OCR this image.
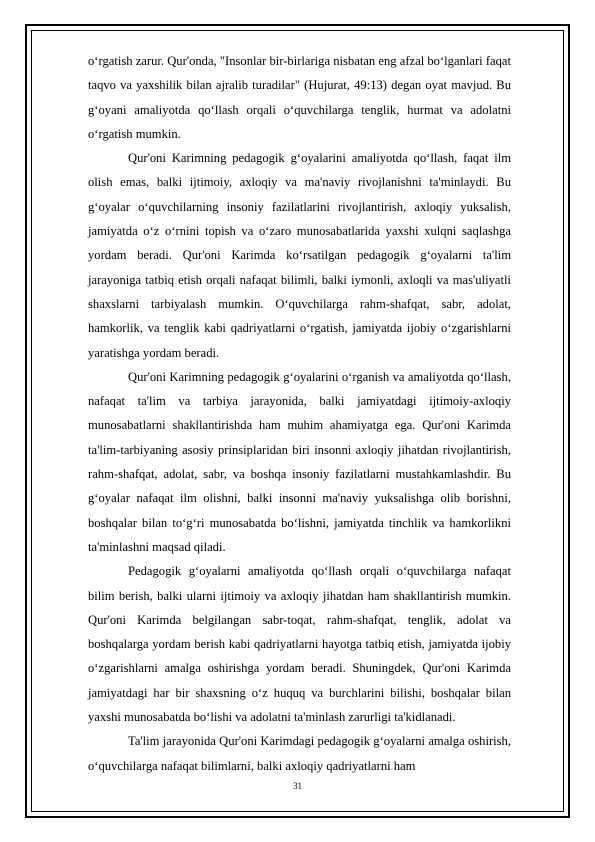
o‘rgatish zarur. Qur'onda, "Insonlar bir-birlariga nisbatan eng afzal bo‘lganlari faqat taqvo va yaxshilik bilan ajralib turadilar" (Hujurat, 49:13) degan oyat mavjud. Bu g‘oyani amaliyotda qo‘llash orqali o‘quvchilarga tenglik, hurmat va adolatni o‘rgatish mumkin.

Qur'oni Karimning pedagogik g‘oyalarini amaliyotda qo‘llash, faqat ilm olish emas, balki ijtimoiy, axloqiy va ma'naviy rivojlanishni ta'minlaydi. Bu g‘oyalar o‘quvchilarning insoniy fazilatlarini rivojlantirish, axloqiy yuksalish, jamiyatda o‘z o‘rnini topish va o‘zaro munosabatlarida yaxshi xulqni saqlashga yordam beradi. Qur'oni Karimda ko‘rsatilgan pedagogik g‘oyalarni ta'lim jarayoniga tatbiq etish orqali nafaqat bilimli, balki iymonli, axloqli va mas'uliyatli shaxslarni tarbiyalash mumkin. O‘quvchilarga rahm-shafqat, sabr, adolat, hamkorlik, va tenglik kabi qadriyatlarni o‘rgatish, jamiyatda ijobiy o‘zgarishlarni yaratishga yordam beradi.

Qur'oni Karimning pedagogik g‘oyalarini o‘rganish va amaliyotda qo‘llash, nafaqat ta'lim va tarbiya jarayonida, balki jamiyatdagi ijtimoiy-axloqiy munosabatlarni shakllantirishda ham muhim ahamiyatga ega. Qur'oni Karimda ta'lim-tarbiyaning asosiy prinsiplaridan biri insonni axloqiy jihatdan rivojlantirish, rahm-shafqat, adolat, sabr, va boshqa insoniy fazilatlarni mustahkamlashdir. Bu g‘oyalar nafaqat ilm olishni, balki insonni ma'naviy yuksalishga olib borishni, boshqalar bilan to‘g‘ri munosabatda bo‘lishni, jamiyatda tinchlik va hamkorlikni ta'minlashni maqsad qiladi.

Pedagogik g‘oyalarni amaliyotda qo‘llash orqali o‘quvchilarga nafaqat bilim berish, balki ularni ijtimoiy va axloqiy jihatdan ham shakllantirish mumkin. Qur'oni Karimda belgilangan sabr-toqat, rahm-shafqat, tenglik, adolat va boshqalarga yordam berish kabi qadriyatlarni hayotga tatbiq etish, jamiyatda ijobiy o‘zgarishlarni amalga oshirishga yordam beradi. Shuningdek, Qur'oni Karimda jamiyatdagi har bir shaxsning o‘z huquq va burchlarini bilishi, boshqalar bilan yaxshi munosabatda bo‘lishi va adolatni ta'minlash zarurligi ta'kidlanadi.

Ta'lim jarayonida Qur'oni Karimdagi pedagogik g‘oyalarni amalga oshirish, o‘quvchilarga nafaqat bilimlarni, balki axloqiy qadriyatlarni ham

31
